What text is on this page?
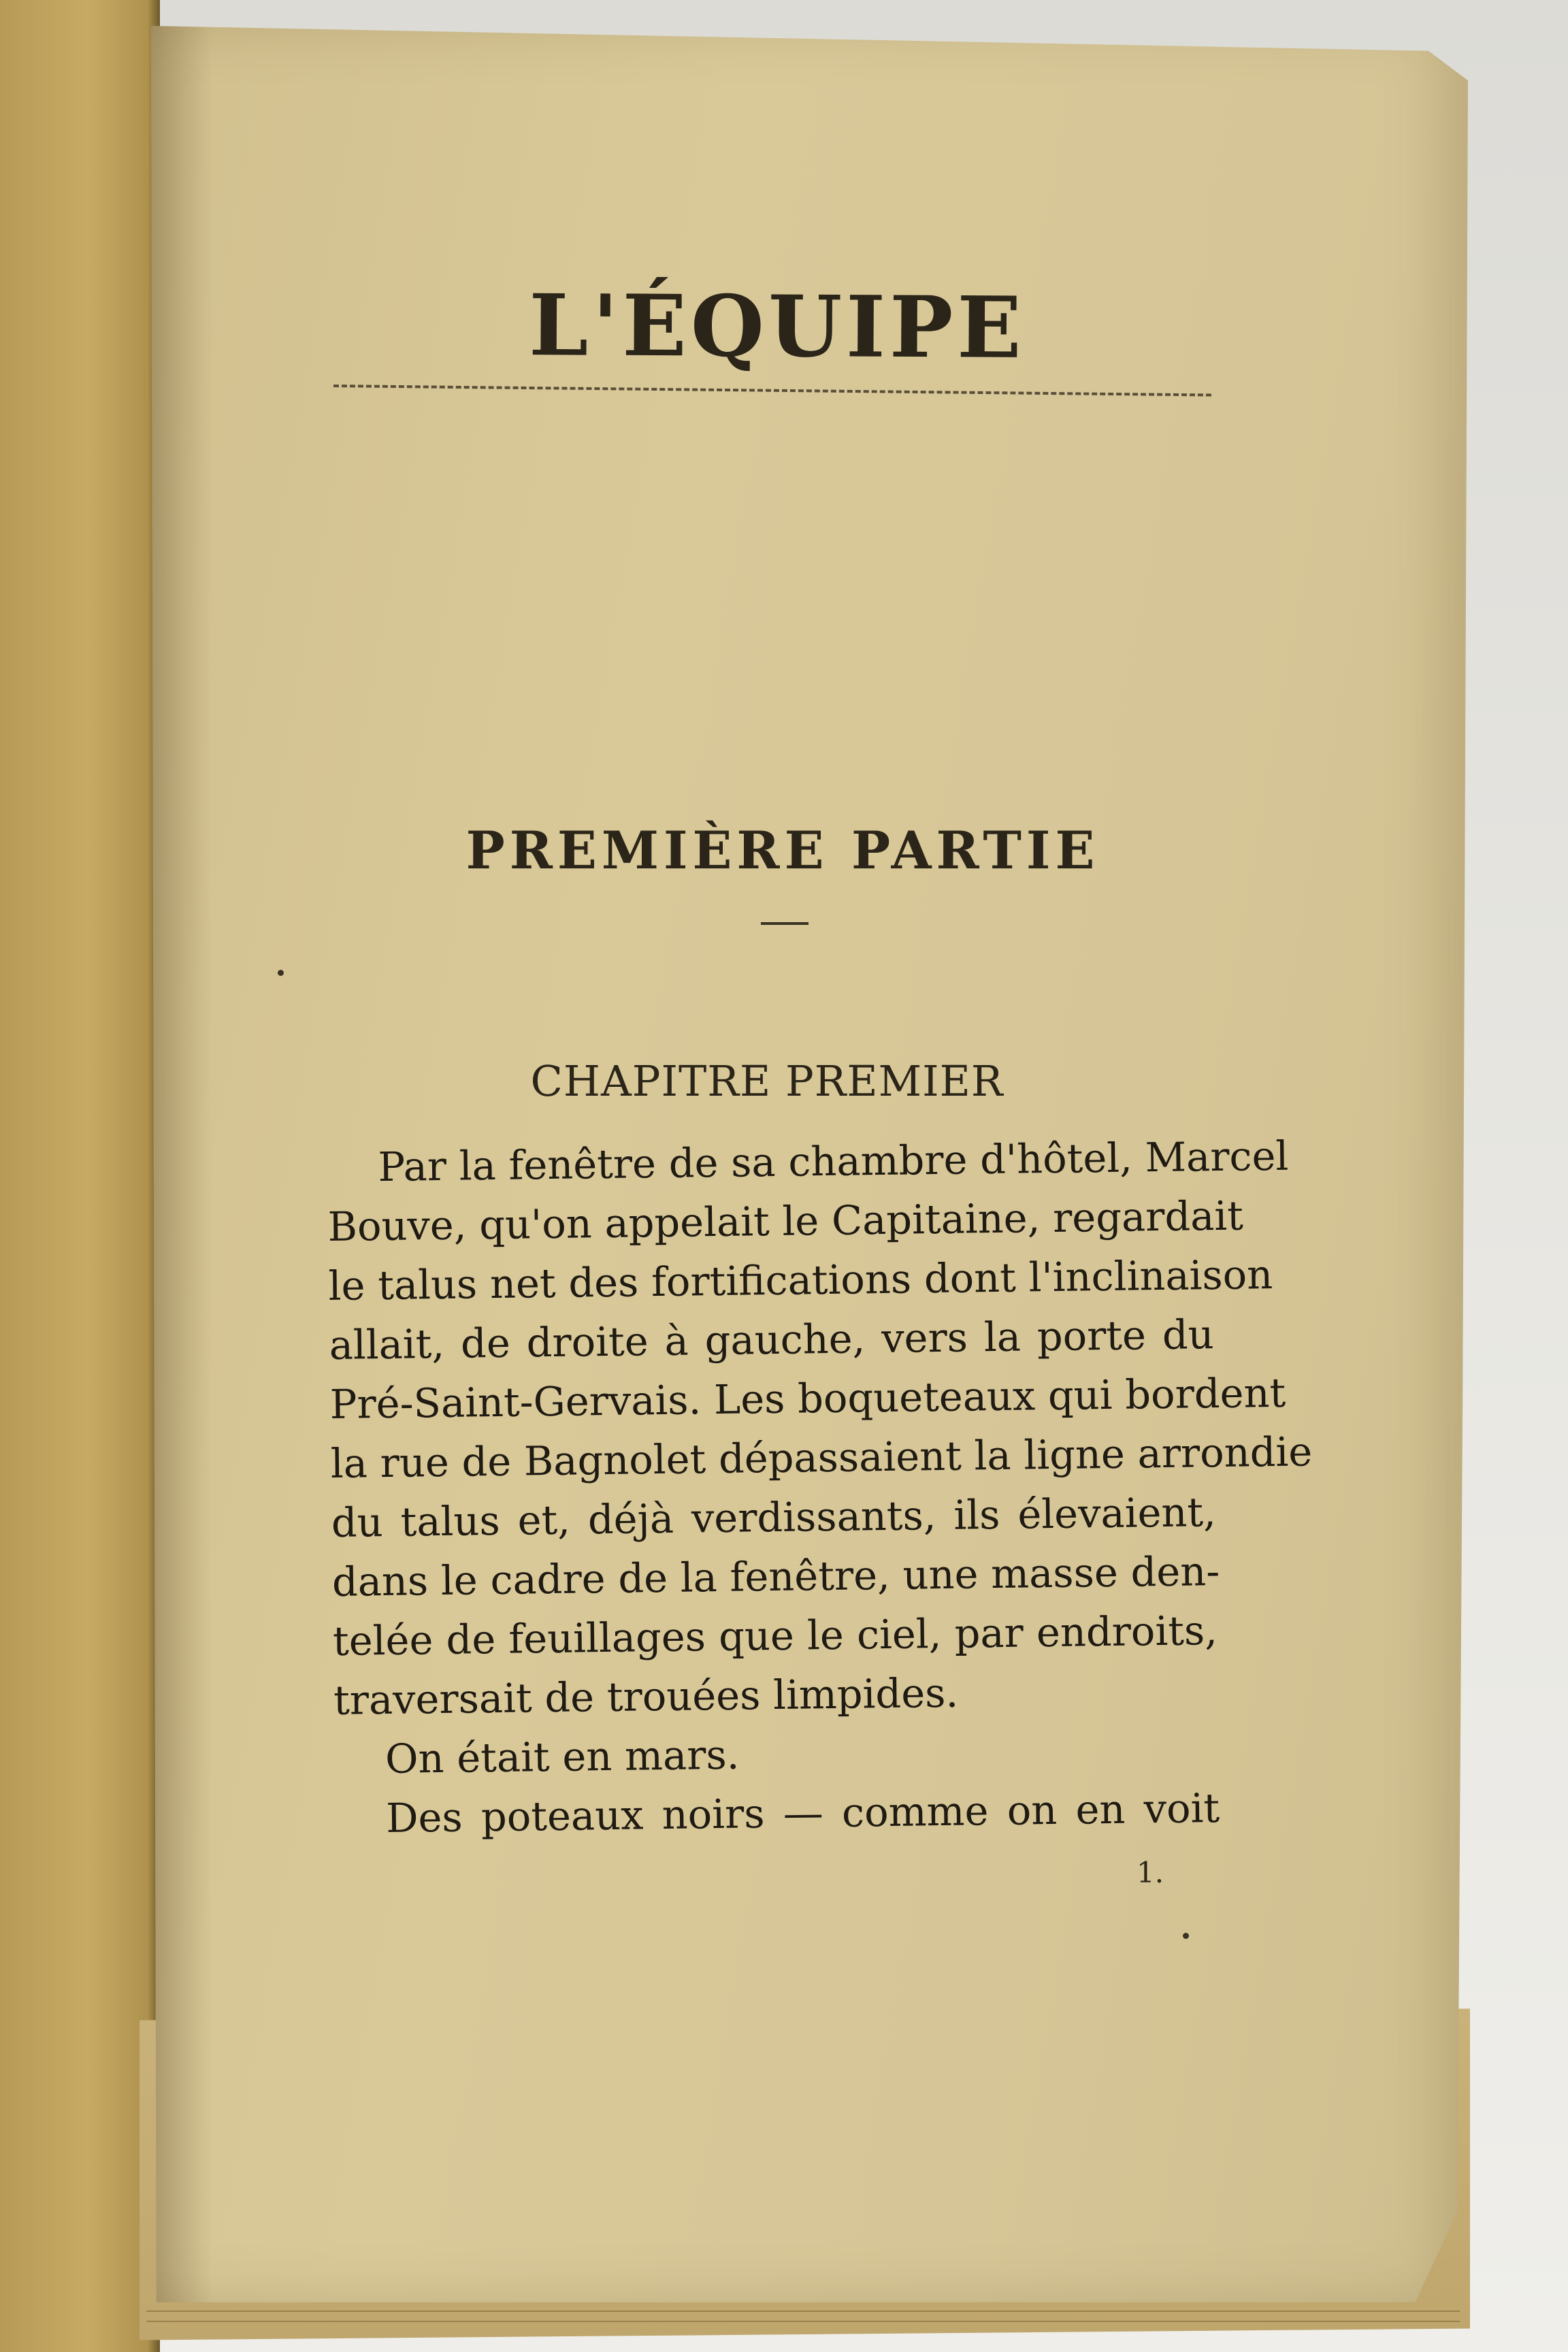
L'ÉQUIPE
PREMIÈRE PARTIE
CHAPITRE PREMIER
Par la fenêtre de sa chambre d'hôtel, Marcel
Bouve, qu'on appelait le Capitaine, regardait
le talus net des fortifications dont l'inclinaison
allait, de droite à gauche, vers la porte du
Pré-Saint-Gervais. Les boqueteaux qui bordent
la rue de Bagnolet dépassaient la ligne arrondie
du talus et, déjà verdissants, ils élevaient,
dans le cadre de la fenêtre, une masse den-
telée de feuillages que le ciel, par endroits,
traversait de trouées limpides.
On était en mars.
Des poteaux noirs — comme on en voit
1.
